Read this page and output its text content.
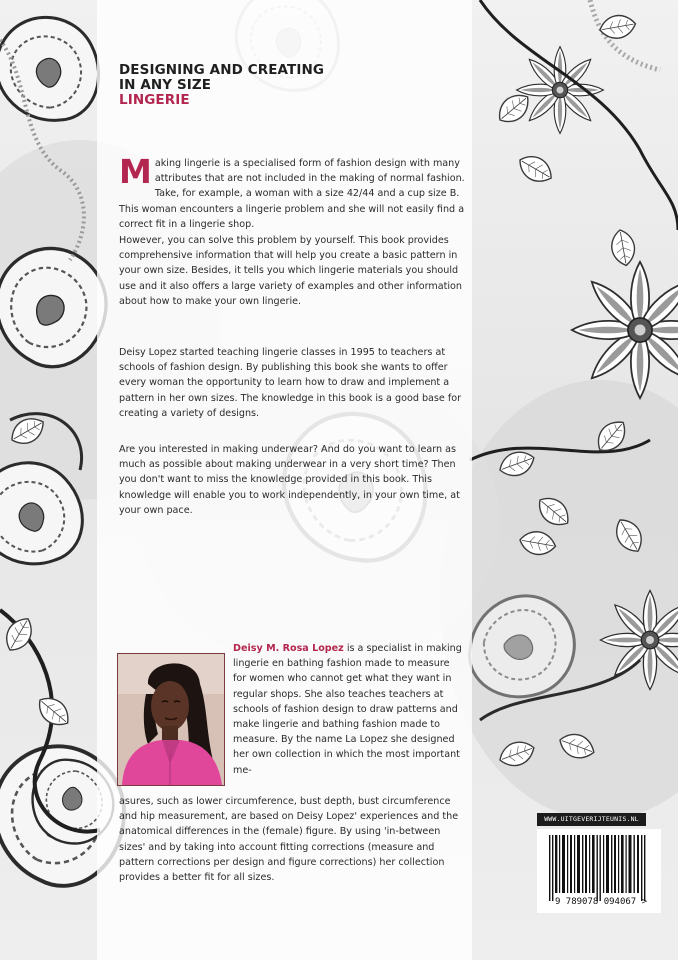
DESIGNING AND CREATING
IN ANY SIZE
LINGERIE

Making lingerie is a specialised form of fashion design with many attributes that are not included in the making of normal fashion. Take, for example, a woman with a size 42/44 and a cup size B. This woman encounters a lingerie problem and she will not easily find a correct fit in a lingerie shop.

However, you can solve this problem by yourself. This book provides comprehensive information that will help you create a basic pattern in your own size. Besides, it tells you which lingerie materials you should use and it also offers a large variety of examples and other information about how to make your own lingerie.

Deisy Lopez started teaching lingerie classes in 1995 to teachers at schools of fashion design. By publishing this book she wants to offer every woman the opportunity to learn how to draw and implement a pattern in her own sizes. The knowledge in this book is a good base for creating a variety of designs.

Are you interested in making underwear? And do you want to learn as much as possible about making underwear in a very short time? Then you don't want to miss the knowledge provided in this book. This knowledge will enable you to work independently, in your own time, at your own pace.

Deisy M. Rosa Lopez is a specialist in making lingerie en bathing fashion made to measure for women who cannot get what they want in regular shops. She also teaches teachers at schools of fashion design to draw patterns and make lingerie and bathing fashion made to measure. By the name La Lopez she designed her own collection in which the most important me-

asures, such as lower circumference, bust depth, bust circumference and hip measurement, are based on Deisy Lopez' experiences and the anatomical differences in the (female) figure. By using 'in-between sizes' and by taking into account fitting corrections (measure and pattern corrections per design and figure corrections) her collection provides a better fit for all sizes.

WWW.UITGEVERIJTEUNIS.NL
9 789078 094067 >
